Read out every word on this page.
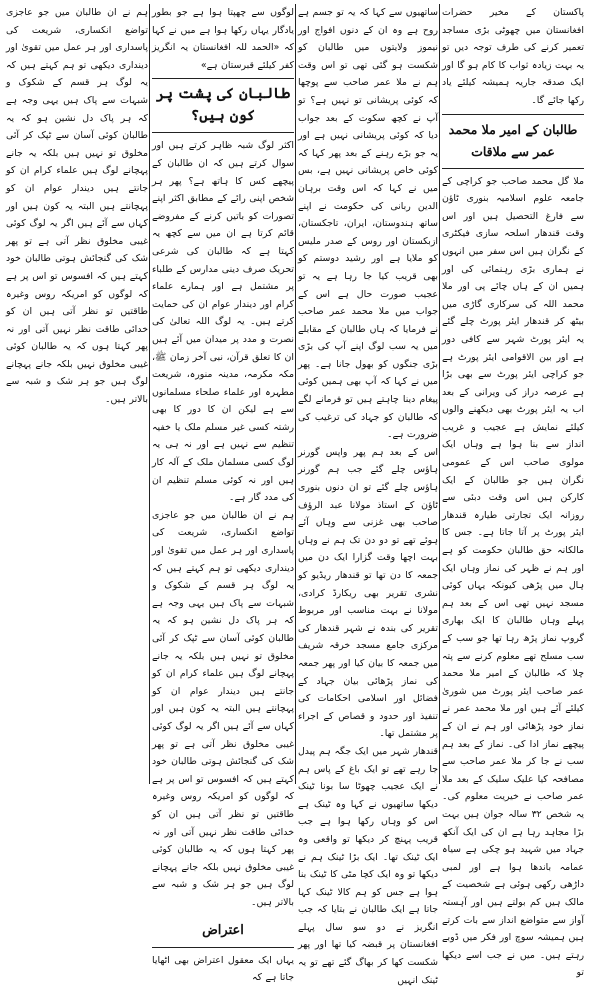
پاکستان کے مخیر حضرات افغانستان میں چھوٹی بڑی مساجد تعمیر کرنے کی طرف توجہ دیں تو یہ بہت زیادہ ثواب کا کام ہو گا اور ایک صدقہ جاریہ ہمیشہ کیلئے یاد رکھا جائے گا۔

طالبان کے امیر ملا محمد عمر سے ملاقات

ملا گل محمد صاحب جو کراچی کے جامعہ علوم اسلامیہ بنوری ٹاؤن سے فارغ التحصیل ہیں اور اس وقت قندھار اسلحہ سازی فیکٹری کے نگران ہیں اس سفر میں انہوں نے ہماری بڑی رہنمائی کی اور ہمیں ان کے ہاں چائے پی اور ملا محمد اللہ کی سرکاری گاڑی میں بیٹھ کر قندھار ایئر پورٹ چلے گئے یہ ایئر پورٹ شہر سے کافی دور ہے اور بین الاقوامی ایئر پورٹ ہے جو کراچی ایئر پورٹ سے بھی بڑا ہے عرصہ دراز کی ویرانی کے بعد اب یہ ایئر پورٹ بھی دیکھنے والوں کیلئے نمایش ہے عجیب و غریب انداز سے بنا ہوا ہے وہاں ایک مولوی صاحب اس کے عمومی نگران ہیں جو طالبان کے ایک کارکن ہیں اس وقت دبئی سے روزانہ ایک تجارتی طیارہ قندھار ایئر پورٹ پر آتا جاتا ہے۔ جس کا مالکانہ حق طالبان حکومت کو ہے اور ہم نے ظہر کی نماز وہاں ایک ہال میں پڑھی کیونکہ یہاں کوئی مسجد نہیں تھی اس کے بعد ہم پہلے وہاں طالبان کا ایک بھاری گروپ نماز پڑھ رہا تھا جو سب کے سب مسلح تھے معلوم کرنے سے پتہ چلا کہ طالبان کے امیر ملا محمد عمر صاحب ایئر پورٹ میں شوریٰ کیلئے آئے ہیں اور ملا محمد عمر نے نماز خود پڑھائی اور ہم نے ان کے پیچھے نماز ادا کی۔ نماز کے بعد ہم سب نے جا کر ملا عمر صاحب سے مصافحہ کیا علیک سلیک کے بعد ملا عمر صاحب نے خیریت معلوم کی۔ یہ شخص ۳۲ سالہ جوان ہیں بہت بڑا مجاہد رہا ہے ان کی ایک آنکھ جہاد میں شہید ہو چکی ہے سیاہ عمامہ باندھا ہوا ہے اور لمبی داڑھی رکھی ہوئی ہے شخصیت کے مالک ہیں کم بولتے ہیں اور آہستہ آواز سے متواضع انداز سے بات کرتے ہیں ہمیشہ سوچ اور فکر میں ڈوبے رہتے ہیں۔ میں نے جب اسے دیکھا تو

ساتھیوں سے کہا کہ یہ تو جسم ہے روح ہے وہ ان کے دنوں افواج اور نیموز ولایتوں میں طالبان کو شکست ہو گئی تھی تو اس وقت ہم نے ملا عمر صاحب سے پوچھا کہ کوئی پریشانی تو نہیں ہے؟ تو آپ نے کچھ سکوت کے بعد جواب دیا کہ کوئی پریشانی نہیں ہے اور یہ جو بڑے رہنے کے بعد پھر کہا کہ کوئی خاص پریشانی نہیں ہے، بس میں نے کہا کہ اس وقت برہان الدین ربانی کی حکومت نے اپنے ساتھ ہندوستان، ایران، تاجکستان، ازبکستان اور روس کے صدر ملیس کو ملایا ہے اور رشید دوستم کو بھی قریب کیا جا رہا ہے یہ تو عجیب صورت حال ہے اس کے جواب میں ملا محمد عمر صاحب نے فرمایا کہ ہاں طالبان کے مقابلے میں یہ سب لوگ اپنے آپ کی بڑی بڑی جنگوں کو بھول جانا ہے۔ پھر میں نے کہا کہ آپ بھی ہمیں کوئی پیغام دینا چاہتے ہیں تو فرمانے لگے کہ طالبان کو جہاد کی ترغیب کی ضرورت ہے۔

اس کے بعد ہم پھر واپس گورنر ہاؤس چلے گئے جب ہم گورنر ہاؤس چلے گئے تو ان دنوں بنوری ٹاؤن کے استاذ مولانا عبد الرؤف صاحب بھی غزنی سے وہاں آئے ہوئے تھے تو دو دن تک ہم نے وہاں بہت اچھا وقت گزارا ایک دن میں جمعہ کا دن تھا تو قندھار ریڈیو کو نشری تقریر بھی ریکارڈ کرادی، مولانا نے بہت مناسب اور مربوط تقریر کی بندہ نے شہر قندھار کی مرکزی جامع مسجد خرقہ شریف میں جمعہ کا بیان کیا اور پھر جمعہ کی نماز پڑھائی بیان جہاد کے فضائل اور اسلامی احکامات کی تنفیذ اور حدود و قصاص کے اجراء پر مشتمل تھا۔

قندھار شہر میں ایک جگہ ہم پیدل جا رہے تھے تو ایک باغ کے پاس ہم نے ایک عجیب چھوٹا سا بونا ٹینک دیکھا ساتھیوں نے کہا وہ ٹینک ہے اس کو وہاں رکھا ہوا ہے جب قریب پہنچ کر دیکھا تو واقعی وہ ایک ٹینک تھا۔ ایک بڑا ٹینک ہم نے دیکھا تو وہ ایک کچا مٹی کا ٹینک بنا ہوا ہے جس کو ہم کالا ٹینک کہا جاتا ہے ایک طالبان نے بتایا کہ جب انگریز نے دو سو سال پہلے افغانستان پر قبضہ کیا تھا اور پھر شکست کھا کر بھاگ گئے تھے تو یہ ٹینک انہیں

لوگوں سے چھپتا ہوا ہے جو بطور یادگار یہاں رکھا ہوا ہے میں نے کہا کہ «الحمد للہ افغانستان یہ انگریز کفر کیلئے قبرستان ہے»

طالبان کی پشت پر کون ہیں؟

اکثر لوگ شبہ ظاہر کرتے ہیں اور سوال کرتے ہیں کہ ان طالبان کے پیچھے کس کا ہاتھ ہے؟ پھر ہر شخص اپنی رائے کے مطابق اکثر اپنے تصورات کو باتیں کرنے کے مفروضے قائم کرتا ہے ان میں سے کچھ یہ کہتا ہے کہ طالبان کی شرعی تحریک صرف دینی مدارس کے طلباء پر مشتمل ہے اور ہمارے علماء کرام اور دیندار عوام ان کی حمایت کرتے ہیں۔ یہ لوگ اللہ تعالیٰ کی نصرت و مدد پر میدان میں آئے ہیں ان کا تعلق قرآن، نبی آخر زمان ﷺ، مکہ مکرمہ، مدینہ منورہ، شریعت مطہرہ اور علماء صلحاء مسلمانوں سے ہے لیکن ان کا دور کا بھی رشتہ کسی غیر مسلم ملک یا خفیہ تنظیم سے نہیں ہے اور نہ ہی یہ لوگ کسی مسلمان ملک کے آلہ کار ہیں اور نہ کوئی مسلم تنظیم ان کی مدد گار ہے۔

ہم نے ان طالبان میں جو عاجزی تواضع انکساری، شریعت کی پاسداری اور ہر عمل میں تقویٰ اور دینداری دیکھی تو ہم کہتے ہیں کہ یہ لوگ ہر قسم کے شکوک و شبہات سے پاک ہیں یہی وجہ ہے کہ ہر پاک دل نشین ہو کہ یہ طالبان کوئی آسان سے ٹپک کر آئی مخلوق تو نہیں ہیں بلکہ یہ جانے پہچانے لوگ ہیں علماء کرام ان کو جانتے ہیں دیندار عوام ان کو پہچانتے ہیں البتہ یہ کون ہیں اور کہاں سے آئے ہیں اگر یہ لوگ کوئی غیبی مخلوق نظر آتی ہے تو پھر شک کی گنجائش ہوتی طالبان خود کہتے ہیں کہ افسوس تو اس پر ہے کہ لوگوں کو امریکہ روس وغیرہ طاقتیں تو نظر آتی ہیں ان کو خدائی طاقت نظر نہیں آتی اور نہ پھر کہتا ہوں کہ یہ طالبان کوئی غیبی مخلوق نہیں بلکہ جانے پہچانے لوگ ہیں جو ہر شک و شبہ سے بالاتر ہیں۔

اعتراض

یہاں ایک معقول اعتراض بھی اٹھایا جاتا ہے کہ

ہم نے ان طالبان میں جو عاجزی تواضع انکساری، شریعت کی پاسداری اور ہر عمل میں تقویٰ اور دینداری دیکھی تو ہم کہتے ہیں کہ یہ لوگ ہر قسم کے شکوک و شبہات سے پاک ہیں یہی وجہ ہے کہ ہر پاک دل نشین ہو کہ یہ طالبان کوئی آسان سے ٹپک کر آئی مخلوق تو نہیں ہیں بلکہ یہ جانے پہچانے لوگ ہیں علماء کرام ان کو جانتے ہیں دیندار عوام ان کو پہچانتے ہیں البتہ یہ کون ہیں اور کہاں سے آئے ہیں اگر یہ لوگ کوئی غیبی مخلوق نظر آتی ہے تو پھر شک کی گنجائش ہوتی طالبان خود کہتے ہیں کہ افسوس تو اس پر ہے کہ لوگوں کو امریکہ روس وغیرہ طاقتیں تو نظر آتی ہیں ان کو خدائی طاقت نظر نہیں آتی اور نہ پھر کہتا ہوں کہ یہ طالبان کوئی غیبی مخلوق نہیں بلکہ جانے پہچانے لوگ ہیں جو ہر شک و شبہ سے بالاتر ہیں۔
